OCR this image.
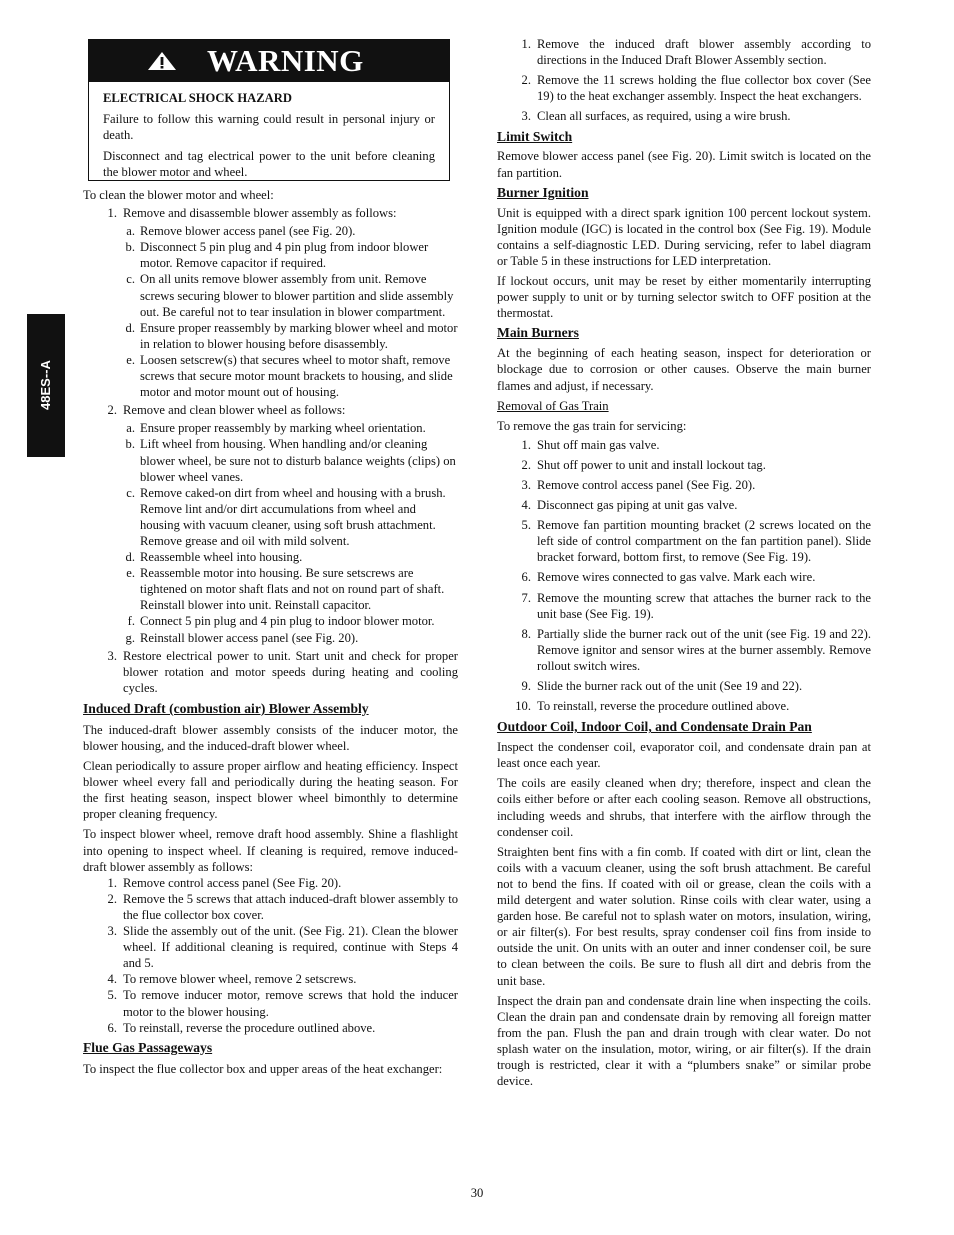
48ES--A
WARNING
ELECTRICAL SHOCK HAZARD

Failure to follow this warning could result in personal injury or death.

Disconnect and tag electrical power to the unit before cleaning the blower motor and wheel.

To clean the blower motor and wheel:

1. Remove and disassemble blower assembly as follows:
a. Remove blower access panel (see Fig. 20).
b. Disconnect 5 pin plug and 4 pin plug from indoor blower motor. Remove capacitor if required.
c. On all units remove blower assembly from unit. Remove screws securing blower to blower partition and slide assembly out. Be careful not to tear insulation in blower compartment.
d. Ensure proper reassembly by marking blower wheel and motor in relation to blower housing before disassembly.
e. Loosen setscrew(s) that secures wheel to motor shaft, remove screws that secure motor mount brackets to housing, and slide motor and motor mount out of housing.
2. Remove and clean blower wheel as follows:
a. Ensure proper reassembly by marking wheel orientation.
b. Lift wheel from housing. When handling and/or cleaning blower wheel, be sure not to disturb balance weights (clips) on blower wheel vanes.
c. Remove caked-on dirt from wheel and housing with a brush. Remove lint and/or dirt accumulations from wheel and housing with vacuum cleaner, using soft brush attachment. Remove grease and oil with mild solvent.
d. Reassemble wheel into housing.
e. Reassemble motor into housing. Be sure setscrews are tightened on motor shaft flats and not on round part of shaft. Reinstall blower into unit. Reinstall capacitor.
f. Connect 5 pin plug and 4 pin plug to indoor blower motor.
g. Reinstall blower access panel (see Fig. 20).
3. Restore electrical power to unit. Start unit and check for proper blower rotation and motor speeds during heating and cooling cycles.
Induced Draft (combustion air) Blower Assembly

The induced-draft blower assembly consists of the inducer motor, the blower housing, and the induced-draft blower wheel.

Clean periodically to assure proper airflow and heating efficiency. Inspect blower wheel every fall and periodically during the heating season. For the first heating season, inspect blower wheel bimonthly to determine proper cleaning frequency.

To inspect blower wheel, remove draft hood assembly. Shine a flashlight into opening to inspect wheel. If cleaning is required, remove induced-draft blower assembly as follows:

1. Remove control access panel (See Fig. 20).
2. Remove the 5 screws that attach induced-draft blower assembly to the flue collector box cover.
3. Slide the assembly out of the unit. (See Fig. 21). Clean the blower wheel. If additional cleaning is required, continue with Steps 4 and 5.
4. To remove blower wheel, remove 2 setscrews.
5. To remove inducer motor, remove screws that hold the inducer motor to the blower housing.
6. To reinstall, reverse the procedure outlined above.
Flue Gas Passageways

To inspect the flue collector box and upper areas of the heat exchanger:

1. Remove the induced draft blower assembly according to directions in the Induced Draft Blower Assembly section.
2. Remove the 11 screws holding the flue collector box cover (See 19) to the heat exchanger assembly. Inspect the heat exchangers.
3. Clean all surfaces, as required, using a wire brush.
Limit Switch

Remove blower access panel (see Fig. 20). Limit switch is located on the fan partition.

Burner Ignition

Unit is equipped with a direct spark ignition 100 percent lockout system. Ignition module (IGC) is located in the control box (See Fig. 19). Module contains a self-diagnostic LED. During servicing, refer to label diagram or Table 5 in these instructions for LED interpretation.

If lockout occurs, unit may be reset by either momentarily interrupting power supply to unit or by turning selector switch to OFF position at the thermostat.

Main Burners

At the beginning of each heating season, inspect for deterioration or blockage due to corrosion or other causes. Observe the main burner flames and adjust, if necessary.

Removal of Gas Train

To remove the gas train for servicing:

1. Shut off main gas valve.
2. Shut off power to unit and install lockout tag.
3. Remove control access panel (See Fig. 20).
4. Disconnect gas piping at unit gas valve.
5. Remove fan partition mounting bracket (2 screws located on the left side of control compartment on the fan partition panel). Slide bracket forward, bottom first, to remove (See Fig. 19).
6. Remove wires connected to gas valve. Mark each wire.
7. Remove the mounting screw that attaches the burner rack to the unit base (See Fig. 19).
8. Partially slide the burner rack out of the unit (see Fig. 19 and 22). Remove ignitor and sensor wires at the burner assembly. Remove rollout switch wires.
9. Slide the burner rack out of the unit (See 19 and 22).
10. To reinstall, reverse the procedure outlined above.
Outdoor Coil, Indoor Coil, and Condensate Drain Pan

Inspect the condenser coil, evaporator coil, and condensate drain pan at least once each year.

The coils are easily cleaned when dry; therefore, inspect and clean the coils either before or after each cooling season. Remove all obstructions, including weeds and shrubs, that interfere with the airflow through the condenser coil.

Straighten bent fins with a fin comb. If coated with dirt or lint, clean the coils with a vacuum cleaner, using the soft brush attachment. Be careful not to bend the fins. If coated with oil or grease, clean the coils with a mild detergent and water solution. Rinse coils with clear water, using a garden hose. Be careful not to splash water on motors, insulation, wiring, or air filter(s). For best results, spray condenser coil fins from inside to outside the unit. On units with an outer and inner condenser coil, be sure to clean between the coils. Be sure to flush all dirt and debris from the unit base.

Inspect the drain pan and condensate drain line when inspecting the coils. Clean the drain pan and condensate drain by removing all foreign matter from the pan. Flush the pan and drain trough with clear water. Do not splash water on the insulation, motor, wiring, or air filter(s). If the drain trough is restricted, clear it with a “plumbers snake” or similar probe device.

30
